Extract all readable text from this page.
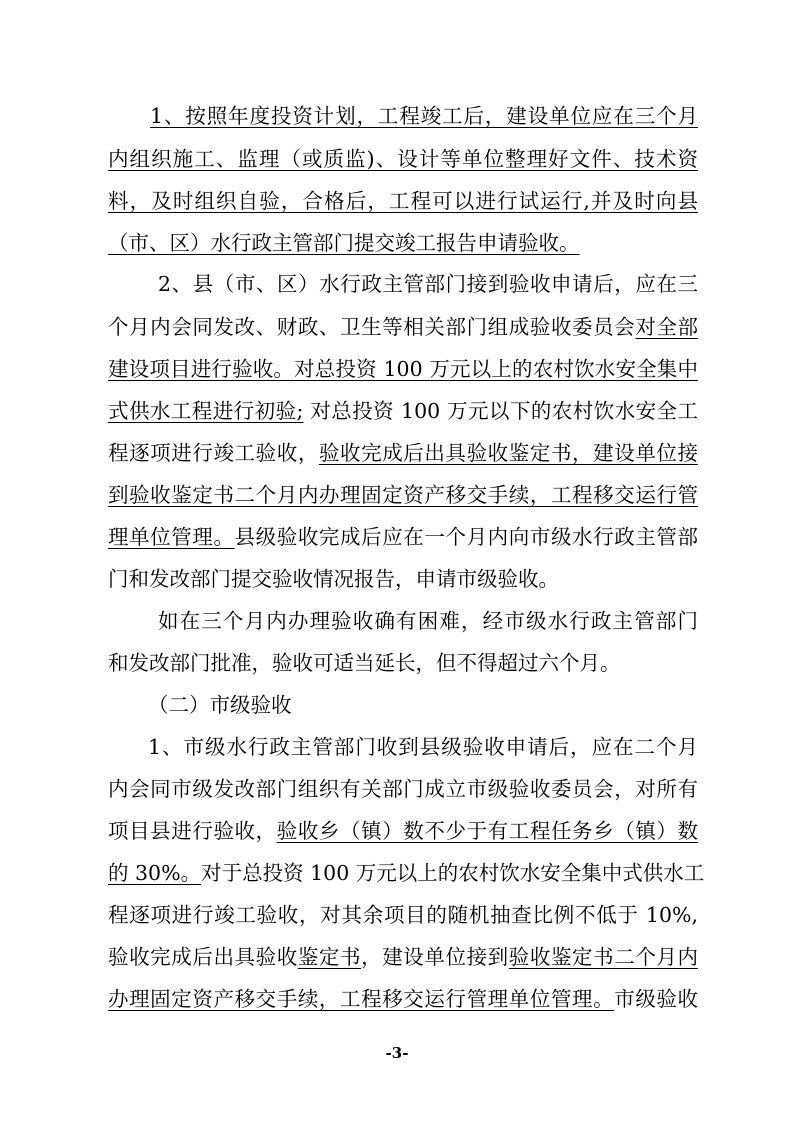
1、按照年度投资计划，工程竣工后，建设单位应在三个月
内组织施工、监理（或质监)、设计等单位整理好文件、技术资
料，及时组织自验，合格后，工程可以进行试运行,并及时向县
（市、区）水行政主管部门提交竣工报告申请验收。
2、县（市、区）水行政主管部门接到验收申请后，应在三
个月内会同发改、财政、卫生等相关部门组成验收委员会对全部
建设项目进行验收。对总投资 100 万元以上的农村饮水安全集中
式供水工程进行初验; 对总投资 100 万元以下的农村饮水安全工
程逐项进行竣工验收，验收完成后出具验收鉴定书，建设单位接
到验收鉴定书二个月内办理固定资产移交手续，工程移交运行管
理单位管理。县级验收完成后应在一个月内向市级水行政主管部
门和发改部门提交验收情况报告，申请市级验收。
如在三个月内办理验收确有困难，经市级水行政主管部门
和发改部门批准，验收可适当延长，但不得超过六个月。
（二）市级验收
1、市级水行政主管部门收到县级验收申请后，应在二个月
内会同市级发改部门组织有关部门成立市级验收委员会，对所有
项目县进行验收，验收乡（镇）数不少于有工程任务乡（镇）数
的 30%。对于总投资 100 万元以上的农村饮水安全集中式供水工
程逐项进行竣工验收，对其余项目的随机抽查比例不低于 10%,
验收完成后出具验收鉴定书，建设单位接到验收鉴定书二个月内
办理固定资产移交手续，工程移交运行管理单位管理。市级验收
-3-
